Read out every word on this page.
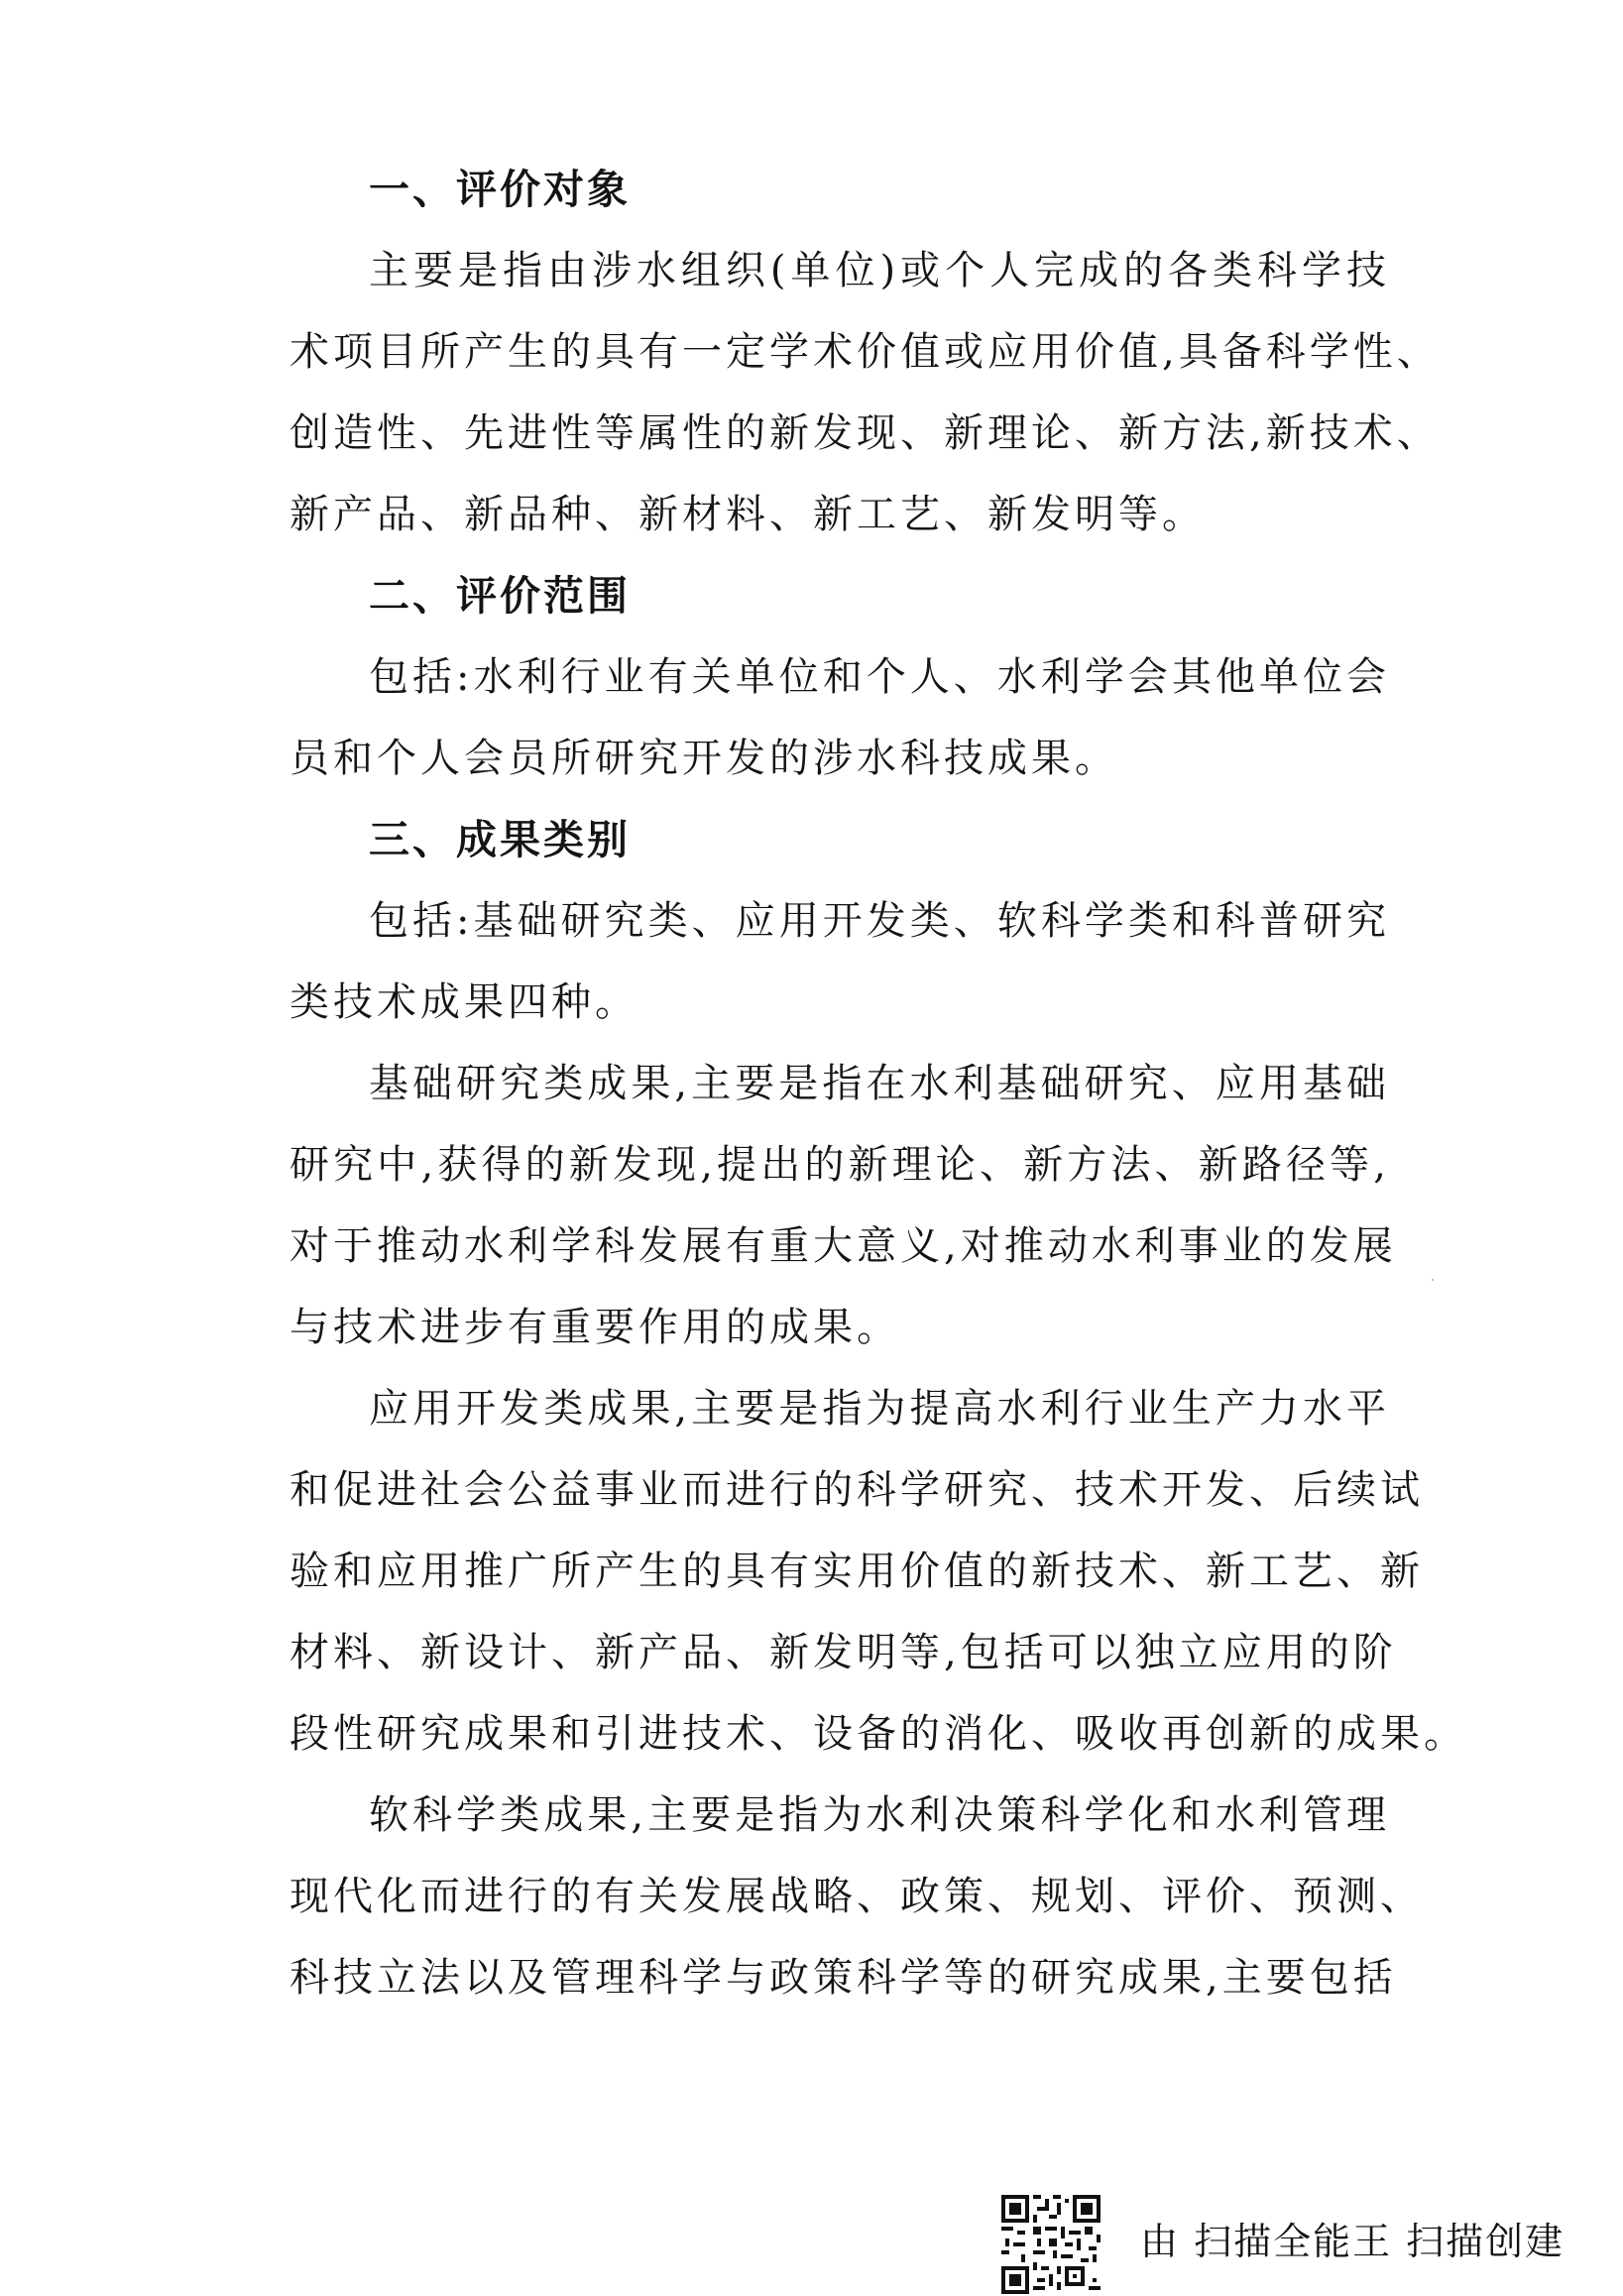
一、评价对象

主要是指由涉水组织(单位)或个人完成的各类科学技
术项目所产生的具有一定学术价值或应用价值,具备科学性、
创造性、先进性等属性的新发现、新理论、新方法,新技术、
新产品、新品种、新材料、新工艺、新发明等。

二、评价范围

包括:水利行业有关单位和个人、水利学会其他单位会
员和个人会员所研究开发的涉水科技成果。

三、成果类别

包括:基础研究类、应用开发类、软科学类和科普研究
类技术成果四种。

基础研究类成果,主要是指在水利基础研究、应用基础
研究中,获得的新发现,提出的新理论、新方法、新路径等,
对于推动水利学科发展有重大意义,对推动水利事业的发展
与技术进步有重要作用的成果。

应用开发类成果,主要是指为提高水利行业生产力水平
和促进社会公益事业而进行的科学研究、技术开发、后续试
验和应用推广所产生的具有实用价值的新技术、新工艺、新
材料、新设计、新产品、新发明等,包括可以独立应用的阶
段性研究成果和引进技术、设备的消化、吸收再创新的成果。

软科学类成果,主要是指为水利决策科学化和水利管理
现代化而进行的有关发展战略、政策、规划、评价、预测、
科技立法以及管理科学与政策科学等的研究成果,主要包括

由 扫描全能王 扫描创建
